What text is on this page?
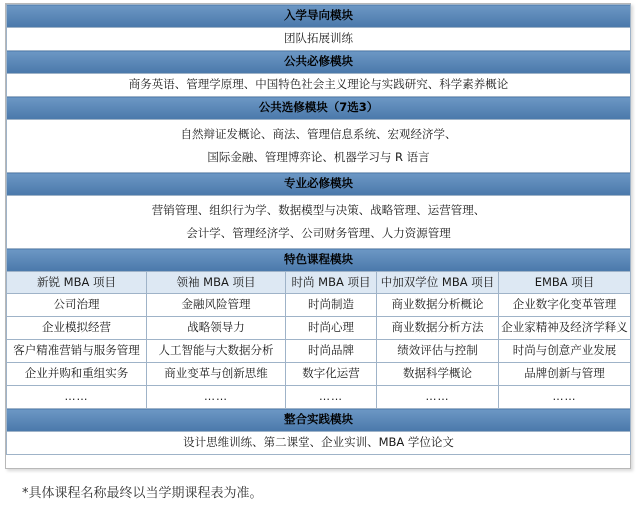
入学导向模块				
团队拓展训练				
公共必修模块				
商务英语、管理学原理、中国特色社会主义理论与实践研究、科学素养概论				
公共选修模块（7选3）				

自然辩证发概论、商法、管理信息系统、宏观经济学、
国际金融、管理博弈论、机器学习与 R 语言				

专业必修模块				

营销管理、组织行为学、数据模型与决策、战略管理、运营管理、
会计学、管理经济学、公司财务管理、人力资源管理				

特色课程模块				
新锐 MBA 项目	领袖 MBA 项目	时尚 MBA 项目	中加双学位 MBA 项目	EMBA 项目
公司治理	金融风险管理	时尚制造	商业数据分析概论	企业数字化变革管理
企业模拟经营	战略领导力	时尚心理	商业数据分析方法	企业家精神及经济学释义
客户精准营销与服务管理	人工智能与大数据分析	时尚品牌	绩效评估与控制	时尚与创意产业发展
企业并购和重组实务	商业变革与创新思维	数字化运营	数据科学概论	品牌创新与管理
……	……	……	……	……
整合实践模块				
设计思维训练、第二课堂、企业实训、MBA 学位论文				
*具体课程名称最终以当学期课程表为准。
